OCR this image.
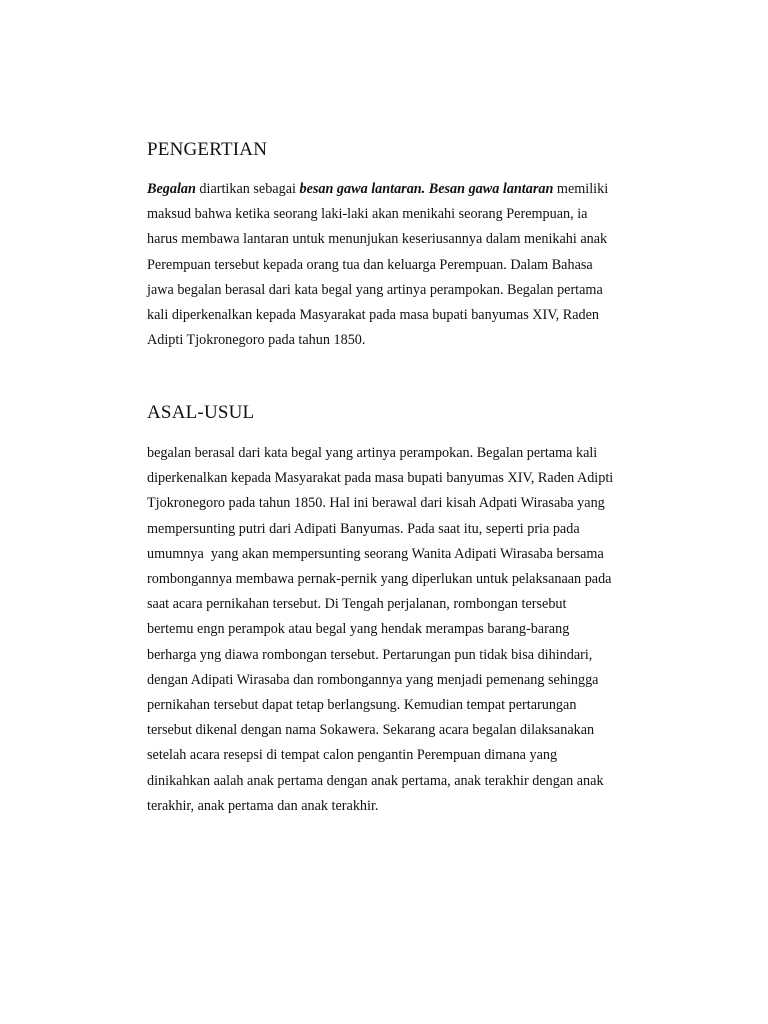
PENGERTIAN

Begalan diartikan sebagai besan gawa lantaran. Besan gawa lantaran memiliki
maksud bahwa ketika seorang laki-laki akan menikahi seorang Perempuan, ia
harus membawa lantaran untuk menunjukan keseriusannya dalam menikahi anak
Perempuan tersebut kepada orang tua dan keluarga Perempuan. Dalam Bahasa
jawa begalan berasal dari kata begal yang artinya perampokan. Begalan pertama
kali diperkenalkan kepada Masyarakat pada masa bupati banyumas XIV, Raden
Adipti Tjokronegoro pada tahun 1850.

ASAL-USUL

begalan berasal dari kata begal yang artinya perampokan. Begalan pertama kali
diperkenalkan kepada Masyarakat pada masa bupati banyumas XIV, Raden Adipti
Tjokronegoro pada tahun 1850. Hal ini berawal dari kisah Adpati Wirasaba yang
mempersunting putri dari Adipati Banyumas. Pada saat itu, seperti pria pada
umumnya  yang akan mempersunting seorang Wanita Adipati Wirasaba bersama
rombongannya membawa pernak-pernik yang diperlukan untuk pelaksanaan pada
saat acara pernikahan tersebut. Di Tengah perjalanan, rombongan tersebut
bertemu engn perampok atau begal yang hendak merampas barang-barang
berharga yng diawa rombongan tersebut. Pertarungan pun tidak bisa dihindari,
dengan Adipati Wirasaba dan rombongannya yang menjadi pemenang sehingga
pernikahan tersebut dapat tetap berlangsung. Kemudian tempat pertarungan
tersebut dikenal dengan nama Sokawera. Sekarang acara begalan dilaksanakan
setelah acara resepsi di tempat calon pengantin Perempuan dimana yang
dinikahkan aalah anak pertama dengan anak pertama, anak terakhir dengan anak
terakhir, anak pertama dan anak terakhir.
